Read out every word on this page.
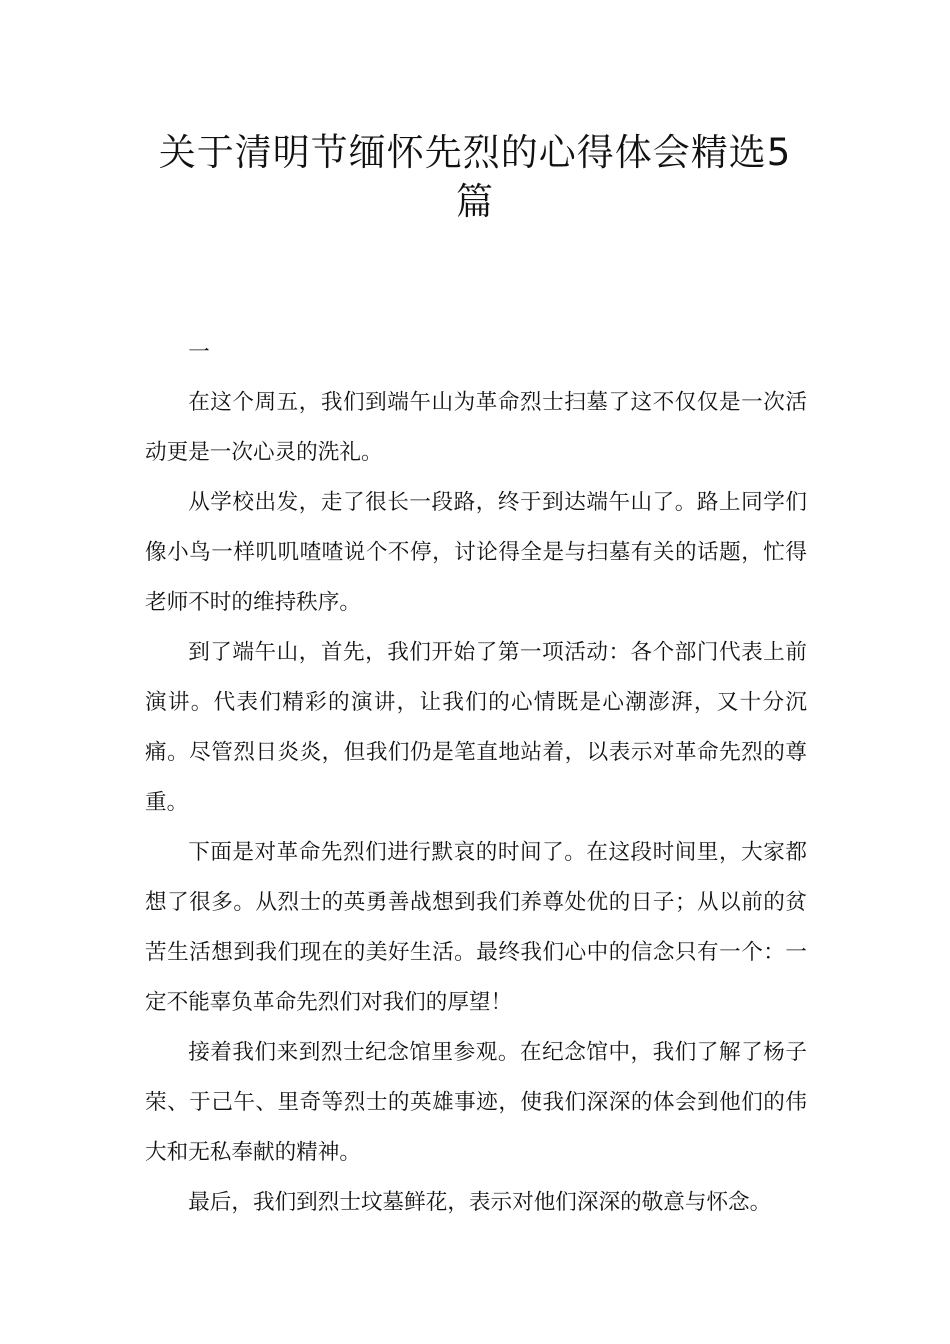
关于清明节缅怀先烈的心得体会精选5篇

一

在这个周五，我们到端午山为革命烈士扫墓了这不仅仅是一次活动更是一次心灵的洗礼。

从学校出发，走了很长一段路，终于到达端午山了。路上同学们像小鸟一样叽叽喳喳说个不停，讨论得全是与扫墓有关的话题，忙得老师不时的维持秩序。

到了端午山，首先，我们开始了第一项活动：各个部门代表上前演讲。代表们精彩的演讲，让我们的心情既是心潮澎湃，又十分沉痛。尽管烈日炎炎，但我们仍是笔直地站着，以表示对革命先烈的尊重。

下面是对革命先烈们进行默哀的时间了。在这段时间里，大家都想了很多。从烈士的英勇善战想到我们养尊处优的日子；从以前的贫苦生活想到我们现在的美好生活。最终我们心中的信念只有一个：一定不能辜负革命先烈们对我们的厚望！

接着我们来到烈士纪念馆里参观。在纪念馆中，我们了解了杨子荣、于己午、里奇等烈士的英雄事迹，使我们深深的体会到他们的伟大和无私奉献的精神。

最后，我们到烈士坟墓鲜花，表示对他们深深的敬意与怀念。
